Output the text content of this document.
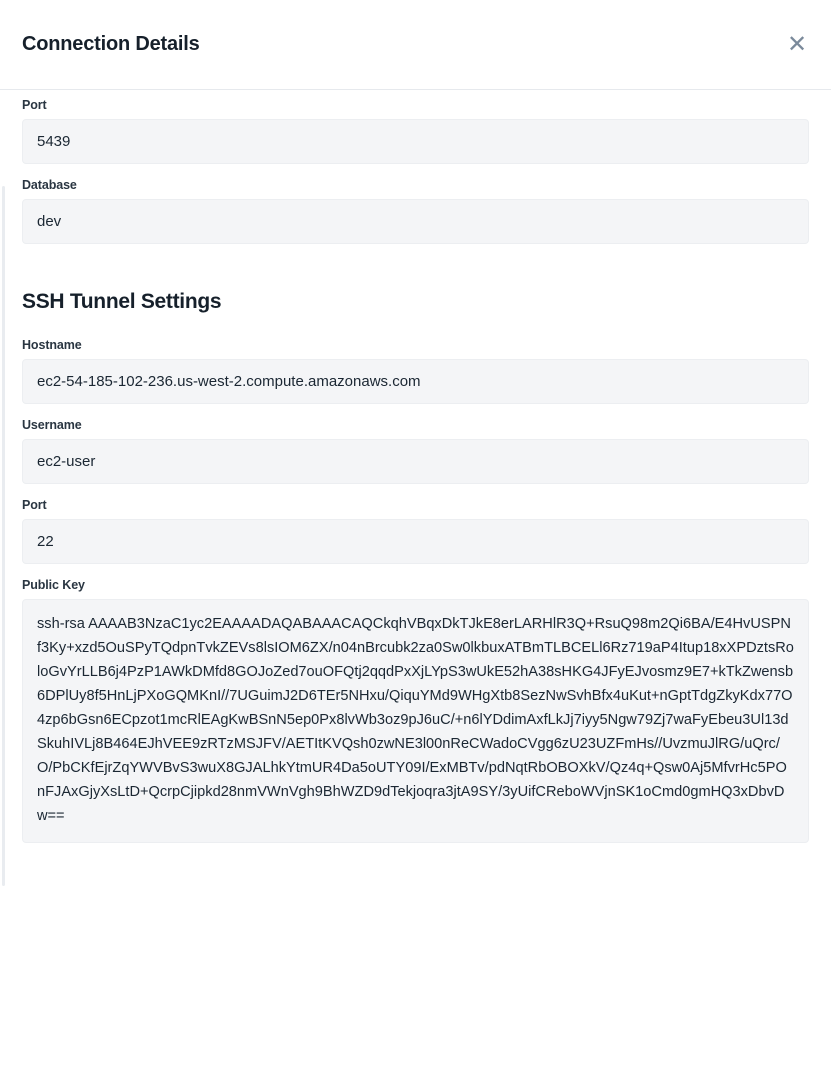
Connection Details	✕
Port
5439
Database
dev
SSH Tunnel Settings
Hostname
ec2-54-185-102-236.us-west-2.compute.amazonaws.com
Username
ec2-user
Port
22
Public Key
ssh-rsa AAAAB3NzaC1yc2EAAAADAQABAAACAQCkqhVBqxDkTJkE8erLARHlR3Q+RsuQ98m2Qi6BA/E4HvUSPNf3Ky+xzd5OuSPyTQdpnTvkZEVs8lsIOM6ZX/n04nBrcubk2za0Sw0lkbuxATBmTLBCELl6Rz719aP4Itup18xXPDztsRoloGvYrLLB6j4PzP1AWkDMfd8GOJoZed7ouOFQtj2qqdPxXjLYpS3wUkE52hA38sHKG4JFyEJvosmz9E7+kTkZwensb6DPlUy8f5HnLjPXoGQMKnI//7UGuimJ2D6TEr5NHxu/QiquYMd9WHgXtb8SezNwSvhBfx4uKut+nGptTdgZkyKdx77O4zp6bGsn6ECpzot1mcRlEAgKwBSnN5ep0Px8lvWb3oz9pJ6uC/+n6lYDdimAxfLkJj7iyy5Ngw79Zj7waFyEbeu3Ul13dSkuhIVLj8B464EJhVEE9zRTzMSJFV/AETItKVQsh0zwNE3l00nReCWadoCVgg6zU23UZFmHs//UvzmuJlRG/uQrc/O/PbCKfEjrZqYWVBvS3wuX8GJALhkYtmUR4Da5oUTY09I/ExMBTv/pdNqtRbOBOXkV/Qz4q+Qsw0Aj5MfvrHc5POnFJAxGjyXsLtD+QcrpCjipkd28nmVWnVgh9BhWZD9dTekjoqra3jtA9SY/3yUifCReboWVjnSK1oCmd0gmHQ3xDbvDw==
